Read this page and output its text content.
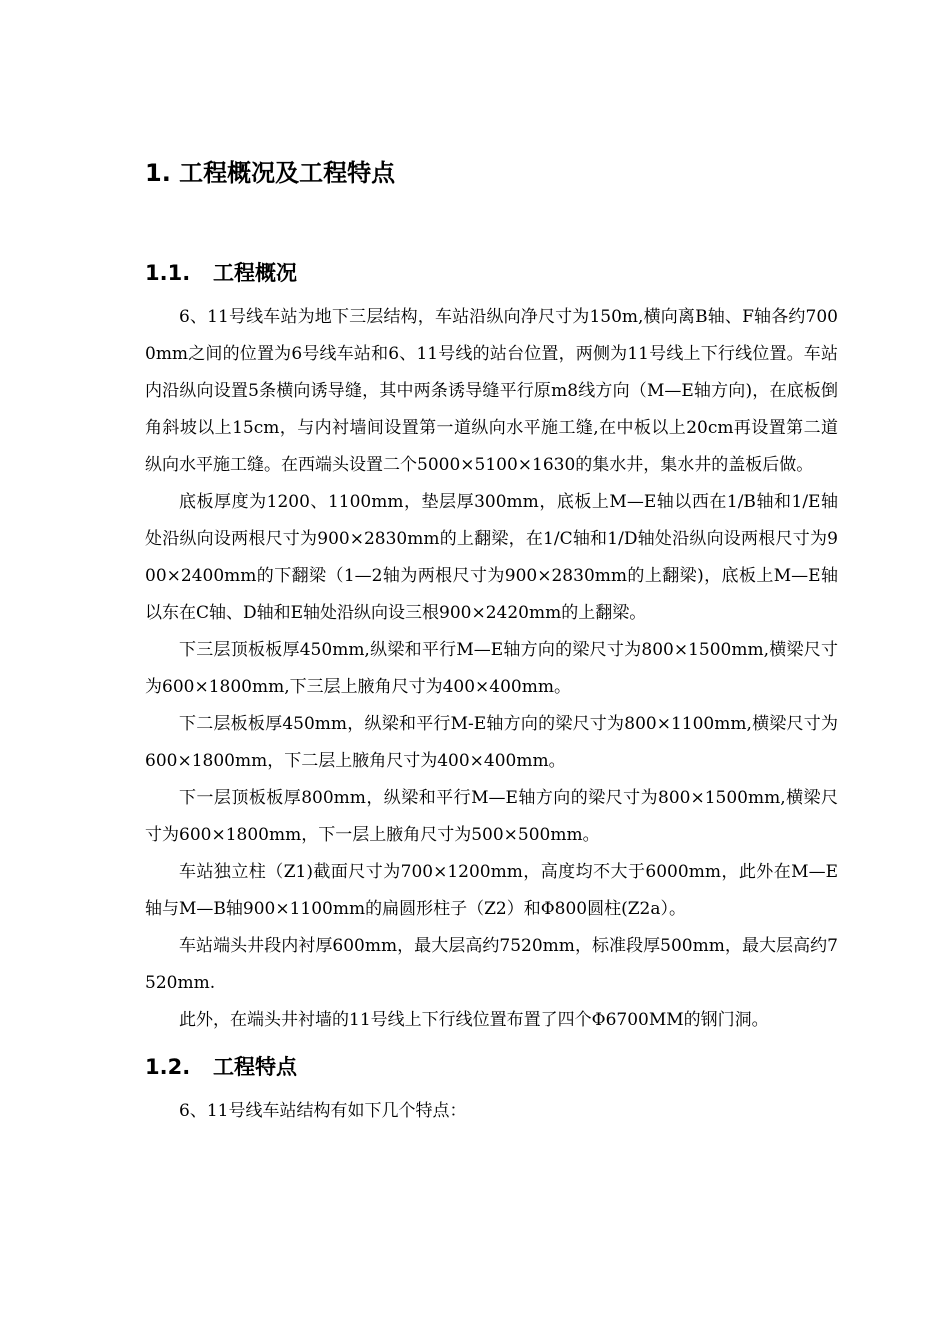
1. 工程概况及工程特点
1.1.	工程概况

6、11号线车站为地下三层结构，车站沿纵向净尺寸为150m,横向离B轴、F轴各约7000mm之间的位置为6号线车站和6、11号线的站台位置，两侧为11号线上下行线位置。车站内沿纵向设置5条横向诱导缝，其中两条诱导缝平行原m8线方向（M—E轴方向)，在底板倒角斜坡以上15cm，与内衬墙间设置第一道纵向水平施工缝,在中板以上20cm再设置第二道纵向水平施工缝。在西端头设置二个5000×5100×1630的集水井，集水井的盖板后做。

底板厚度为1200、1100mm，垫层厚300mm，底板上M—E轴以西在1/B轴和1/E轴处沿纵向设两根尺寸为900×2830mm的上翻梁，在1/C轴和1/D轴处沿纵向设两根尺寸为900×2400mm的下翻梁（1—2轴为两根尺寸为900×2830mm的上翻梁)，底板上M—E轴以东在C轴、D轴和E轴处沿纵向设三根900×2420mm的上翻梁。

下三层顶板板厚450mm,纵梁和平行M—E轴方向的梁尺寸为800×1500mm,横梁尺寸为600×1800mm,下三层上腋角尺寸为400×400mm。

下二层板板厚450mm，纵梁和平行M-E轴方向的梁尺寸为800×1100mm,横梁尺寸为600×1800mm，下二层上腋角尺寸为400×400mm。

下一层顶板板厚800mm，纵梁和平行M—E轴方向的梁尺寸为800×1500mm,横梁尺寸为600×1800mm，下一层上腋角尺寸为500×500mm。

车站独立柱（Z1)截面尺寸为700×1200mm，高度均不大于6000mm，此外在M—E轴与M—B轴900×1100mm的扁圆形柱子（Z2）和Φ800圆柱(Z2a）。

车站端头井段内衬厚600mm，最大层高约7520mm，标准段厚500mm，最大层高约7520mm.

此外，在端头井衬墙的11号线上下行线位置布置了四个Φ6700MM的钢门洞。

1.2.	工程特点

6、11号线车站结构有如下几个特点：
